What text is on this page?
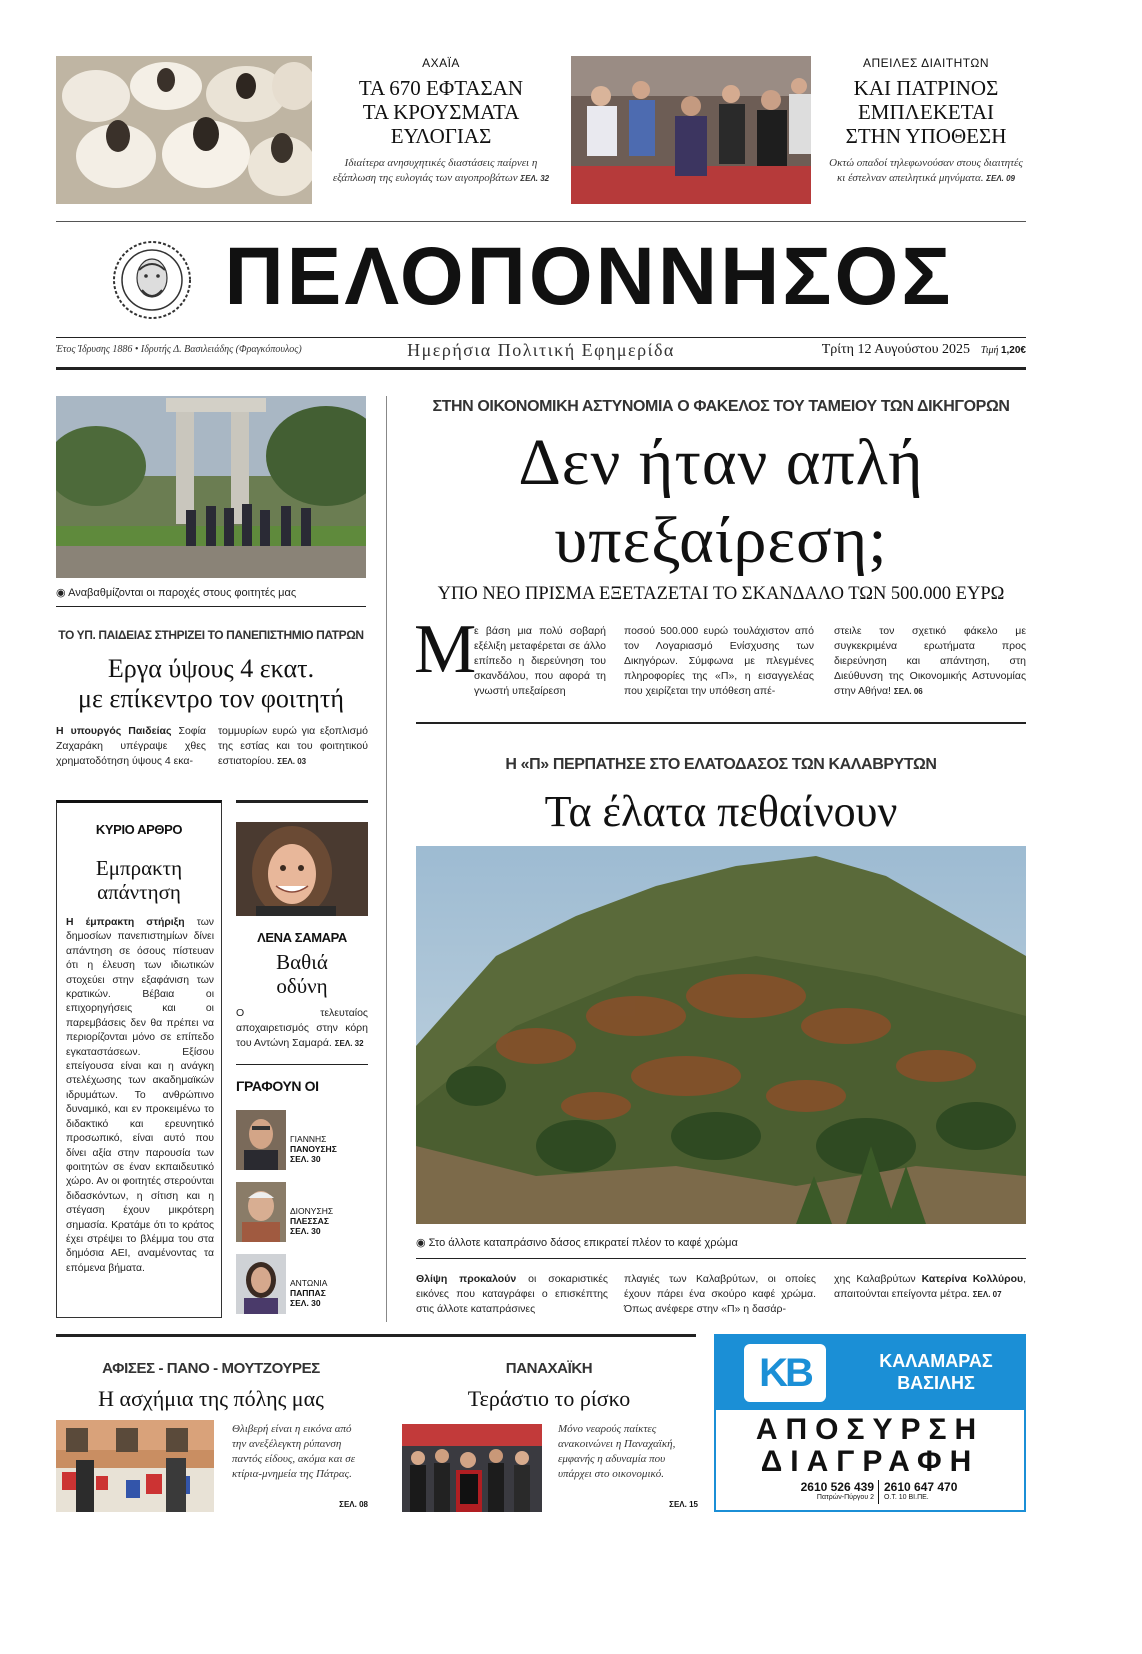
ΑΧΑΪΑ
ΤΑ 670 ΕΦΤΑΣΑΝ
ΤΑ ΚΡΟΥΣΜΑΤΑ
ΕΥΛΟΓΙΑΣ
Ιδιαίτερα ανησυχητικές διαστάσεις παίρνει η εξάπλωση της ευλογιάς των αιγοπροβάτων ΣΕΛ. 32
ΑΠΕΙΛΕΣ ΔΙΑΙΤΗΤΩΝ
ΚΑΙ ΠΑΤΡΙΝΟΣ
ΕΜΠΛΕΚΕΤΑΙ
ΣΤΗΝ ΥΠΟΘΕΣΗ
Οκτώ οπαδοί τηλεφωνούσαν στους διαιτητές κι έστελναν απειλητικά μηνύματα. ΣΕΛ. 09
ΠΕΛΟΠΟΝΝΗΣΟΣ
Έτος Ίδρυσης 1886 • Ιδρυτής Δ. Βασιλειάδης (Φραγκόπουλος)	Ημερήσια Πολιτική Εφημερίδα	Τρίτη 12 Αυγούστου 2025	Τιμή 1,20€
◉ Αναβαθμίζονται οι παροχές στους φοιτητές μας
ΤΟ ΥΠ. ΠΑΙΔΕΙΑΣ ΣΤΗΡΙΖΕΙ ΤΟ ΠΑΝΕΠΙΣΤΗΜΙΟ ΠΑΤΡΩΝ
Εργα ύψους 4 εκατ.
με επίκεντρο τον φοιτητή
Η υπουργός Παιδείας Σοφία Ζαχαράκη υπέγραψε χθες χρηματοδότηση ύψους 4 εκα-
τομμυρίων ευρώ για εξοπλισμό της εστίας και του φοιτητικού εστιατορίου. ΣΕΛ. 03
ΚΥΡΙΟ ΑΡΘΡΟ
Εμπρακτη
απάντηση
Η έμπρακτη στήριξη των δημοσίων πανεπιστημίων δίνει απάντηση σε όσους πίστευαν ότι η έλευση των ιδιωτικών στοχεύει στην εξαφάνιση των κρατικών. Βέβαια οι επιχορηγήσεις και οι παρεμβάσεις δεν θα πρέπει να περιορίζονται μόνο σε επίπεδο εγκαταστάσεων. Εξίσου επείγουσα είναι και η ανάγκη στελέχωσης των ακαδημαϊκών ιδρυμάτων. Το ανθρώπινο δυναμικό, και εν προκειμένω το διδακτικό και ερευνητικό προσωπικό, είναι αυτό που δίνει αξία στην παρουσία των φοιτητών σε έναν εκπαιδευτικό χώρο. Αν οι φοιτητές στερούνται διδασκόντων, η σίτιση και η στέγαση έχουν μικρότερη σημασία. Κρατάμε ότι το κράτος έχει στρέψει το βλέμμα του στα δημόσια ΑΕΙ, αναμένοντας τα επόμενα βήματα.
ΛΕΝΑ ΣΑΜΑΡΑ
Βαθιά
οδύνη
Ο τελευταίος αποχαιρετισμός στην κόρη του Αντώνη Σαμαρά. ΣΕΛ. 32
ΓΡΑΦΟΥΝ ΟΙ
ΓΙΑΝΝΗΣ
ΠΑΝΟΥΣΗΣ
ΣΕΛ. 30
ΔΙΟΝΥΣΗΣ
ΠΛΕΣΣΑΣ
ΣΕΛ. 30
ΑΝΤΩΝΙΑ
ΠΑΠΠΑΣ
ΣΕΛ. 30
ΣΤΗΝ ΟΙΚΟΝΟΜΙΚΗ ΑΣΤΥΝΟΜΙΑ Ο ΦΑΚΕΛΟΣ ΤΟΥ ΤΑΜΕΙΟΥ ΤΩΝ ΔΙΚΗΓΟΡΩΝ
Δεν ήταν απλή
υπεξαίρεση;
ΥΠΟ ΝΕΟ ΠΡΙΣΜΑ ΕΞΕΤΑΖΕΤΑΙ ΤΟ ΣΚΑΝΔΑΛΟ ΤΩΝ 500.000 ΕΥΡΩ
Μ
ε βάση μια πολύ σοβαρή εξέλιξη μεταφέρεται σε άλλο επίπεδο η διερεύνηση του σκανδάλου, που αφορά τη γνωστή υπεξαίρεση
ποσού 500.000 ευρώ τουλάχιστον από τον Λογαριασμό Ενίσχυσης των Δικηγόρων. Σύμφωνα με πλεγμένες πληροφορίες της «Π», η εισαγγελέας που χειρίζεται την υπόθεση απέ-
στειλε τον σχετικό φάκελο με συγκεκριμένα ερωτήματα προς διερεύνηση και απάντηση, στη Διεύθυνση της Οικονομικής Αστυνομίας στην Αθήνα! ΣΕΛ. 06
Η «Π» ΠΕΡΠΑΤΗΣΕ ΣΤΟ ΕΛΑΤΟΔΑΣΟΣ ΤΩΝ ΚΑΛΑΒΡΥΤΩΝ
Τα έλατα πεθαίνουν
◉ Στο άλλοτε καταπράσινο δάσος επικρατεί πλέον το καφέ χρώμα
Θλίψη προκαλούν οι σοκαριστικές εικόνες που καταγράφει ο επισκέπτης στις άλλοτε καταπράσινες
πλαγιές των Καλαβρύτων, οι οποίες έχουν πάρει ένα σκούρο καφέ χρώμα. Όπως ανέφερε στην «Π» η δασάρ-
χης Καλαβρύτων Κατερίνα Κολλύρου, απαιτούνται επείγοντα μέτρα. ΣΕΛ. 07
ΑΦΙΣΕΣ - ΠΑΝΟ - ΜΟΥΤΖΟΥΡΕΣ
Η ασχήμια της πόλης μας
Θλιβερή είναι η εικόνα από την ανεξέλεγκτη ρύπανση παντός είδους, ακόμα και σε κτίρια-μνημεία της Πάτρας.
ΣΕΛ. 08
ΠΑΝΑΧΑΪΚΗ
Τεράστιο το ρίσκο
Μόνο νεαρούς παίκτες ανακοινώνει η Παναχαϊκή, εμφανής η αδυναμία που υπάρχει στο οικονομικό.
ΣΕΛ. 15
KB	ΚΑΛΑΜΑΡΑΣ
ΒΑΣΙΛΗΣ
ΑΠΟΣΥΡΣΗ
ΔΙΑΓΡΑΦΗ
2610 526 439
Πατρών-Πύργου 2
2610 647 470
Ο.Τ. 10 ΒΙ.ΠΕ.
